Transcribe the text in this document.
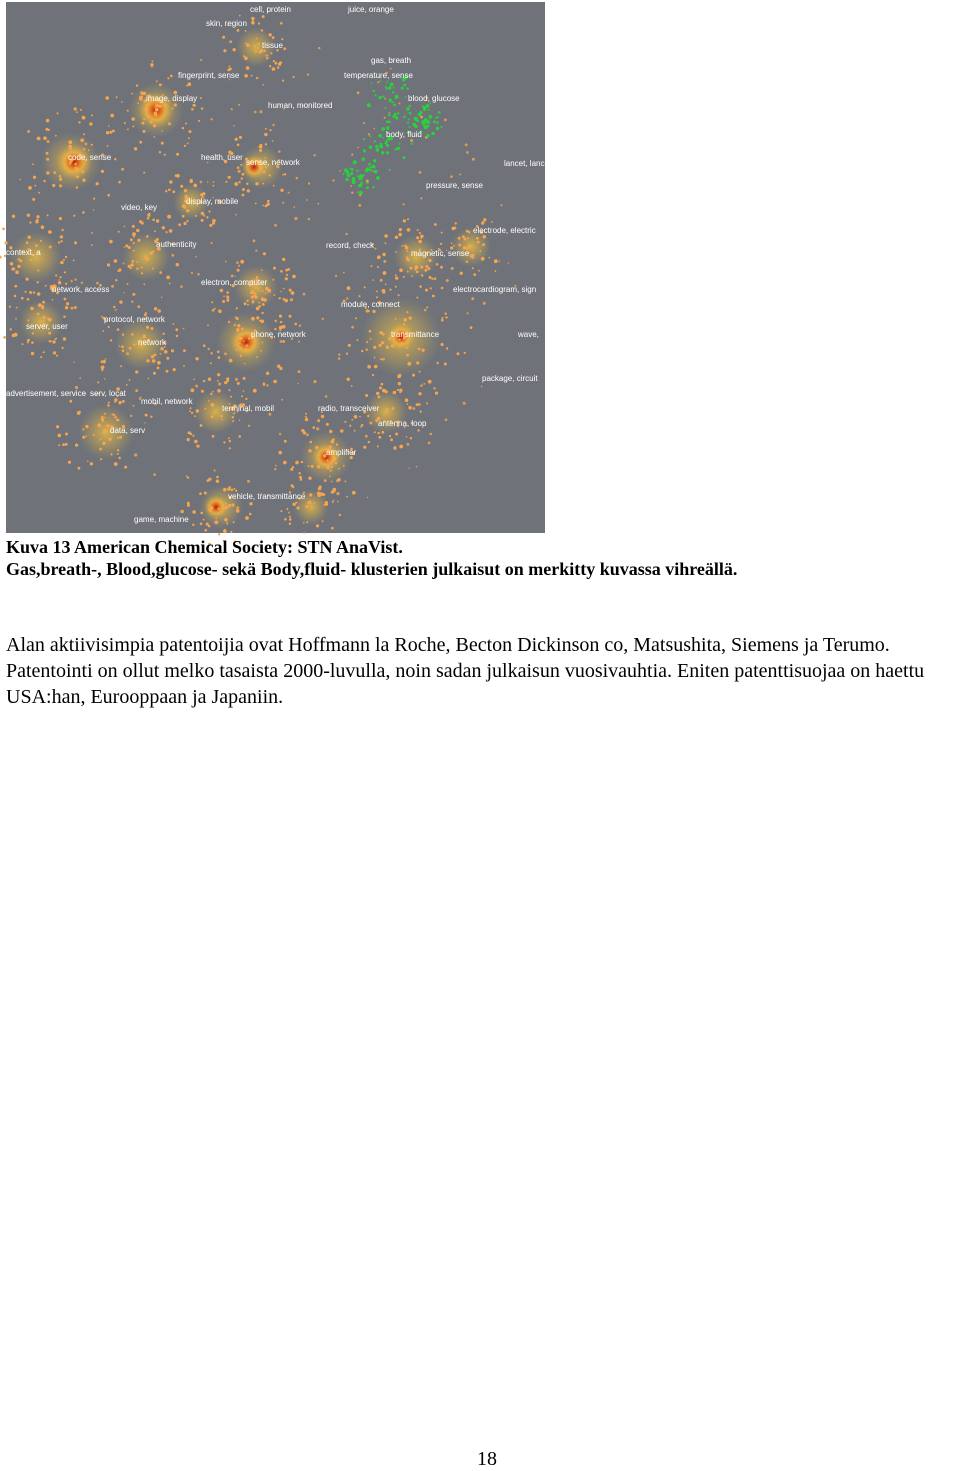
cell, protein	juice, orange
skin, region
tissue
gas, breath
fingerprint, sense	temperature, sense
image, display
human, monitored
blood, glucose
body, fluid
code, sense	health, user
sense, network	lancet, lancet
pressure, sense
display, mobile
video, key
electrode, electric
authenticity	record, check
context, a	magnetic, sense
electron, computer
electrocardiogram, sign
network, access
module, connect
protocol, network
server, user
wave,
transmittance
network
phone, network
package, circuit
advertisement, service serv, locat
mobil, network
terminal, mobil	radio, transceiver
antenna, loop
data, serv
amplifier
vehicle, transmittance
game, machine
Kuva 13 American Chemical Society: STN AnaVist.
Gas,breath-, Blood,glucose- sekä Body,fluid- klusterien julkaisut on merkitty kuvassa vihreällä.
Alan aktiivisimpia patentoijia ovat Hoffmann la Roche, Becton Dickinson co, Matsushita, Siemens ja Terumo. Patentointi on ollut melko tasaista 2000-luvulla, noin sadan julkaisun vuosivauhtia. Eniten patenttisuojaa on haettu USA:han, Eurooppaan ja Japaniin.
18
